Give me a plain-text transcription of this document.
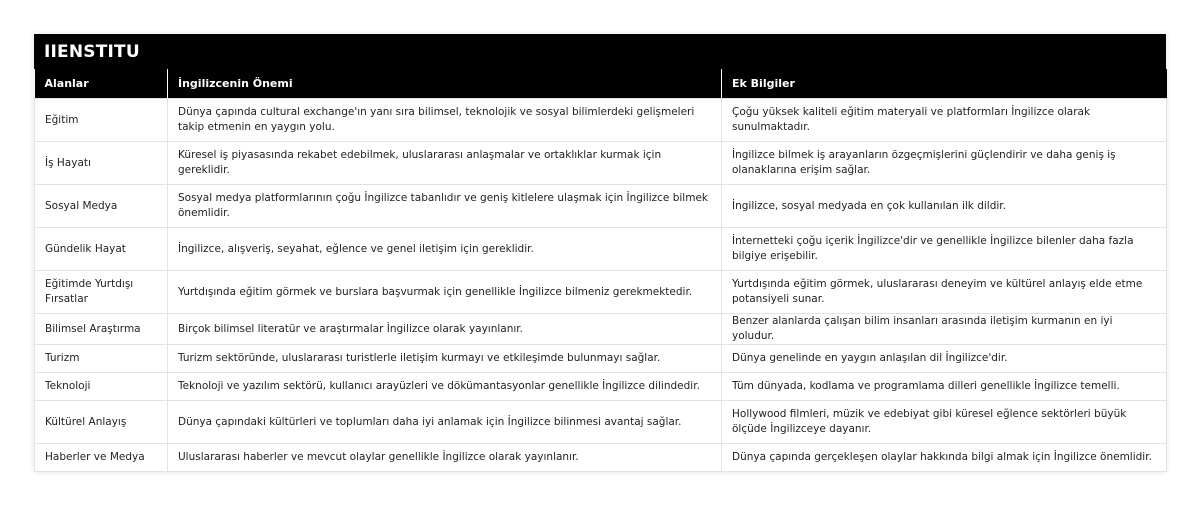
IIENSTITU
Alanlar	İngilizcenin Önemi	Ek Bilgiler
Eğitim	Dünya çapında cultural exchange'ın yanı sıra bilimsel, teknolojik ve sosyal bilimlerdeki gelişmeleri takip etmenin en yaygın yolu.	Çoğu yüksek kaliteli eğitim materyali ve platformları İngilizce olarak sunulmaktadır.
İş Hayatı	Küresel iş piyasasında rekabet edebilmek, uluslararası anlaşmalar ve ortaklıklar kurmak için gereklidir.	İngilizce bilmek iş arayanların özgeçmişlerini güçlendirir ve daha geniş iş olanaklarına erişim sağlar.
Sosyal Medya	Sosyal medya platformlarının çoğu İngilizce tabanlıdır ve geniş kitlelere ulaşmak için İngilizce bilmek önemlidir.	İngilizce, sosyal medyada en çok kullanılan ilk dildir.
Gündelik Hayat	İngilizce, alışveriş, seyahat, eğlence ve genel iletişim için gereklidir.	İnternetteki çoğu içerik İngilizce'dir ve genellikle İngilizce bilenler daha fazla bilgiye erişebilir.
Eğitimde Yurtdışı Fırsatlar	Yurtdışında eğitim görmek ve burslara başvurmak için genellikle İngilizce bilmeniz gerekmektedir.	Yurtdışında eğitim görmek, uluslararası deneyim ve kültürel anlayış elde etme potansiyeli sunar.
Bilimsel Araştırma	Birçok bilimsel literatür ve araştırmalar İngilizce olarak yayınlanır.	Benzer alanlarda çalışan bilim insanları arasında iletişim kurmanın en iyi yoludur.
Turizm	Turizm sektöründe, uluslararası turistlerle iletişim kurmayı ve etkileşimde bulunmayı sağlar.	Dünya genelinde en yaygın anlaşılan dil İngilizce'dir.
Teknoloji	Teknoloji ve yazılım sektörü, kullanıcı arayüzleri ve dökümantasyonlar genellikle İngilizce dilindedir.	Tüm dünyada, kodlama ve programlama dilleri genellikle İngilizce temelli.
Kültürel Anlayış	Dünya çapındaki kültürleri ve toplumları daha iyi anlamak için İngilizce bilinmesi avantaj sağlar.	Hollywood filmleri, müzik ve edebiyat gibi küresel eğlence sektörleri büyük ölçüde İngilizceye dayanır.
Haberler ve Medya	Uluslararası haberler ve mevcut olaylar genellikle İngilizce olarak yayınlanır.	Dünya çapında gerçekleşen olaylar hakkında bilgi almak için İngilizce önemlidir.
